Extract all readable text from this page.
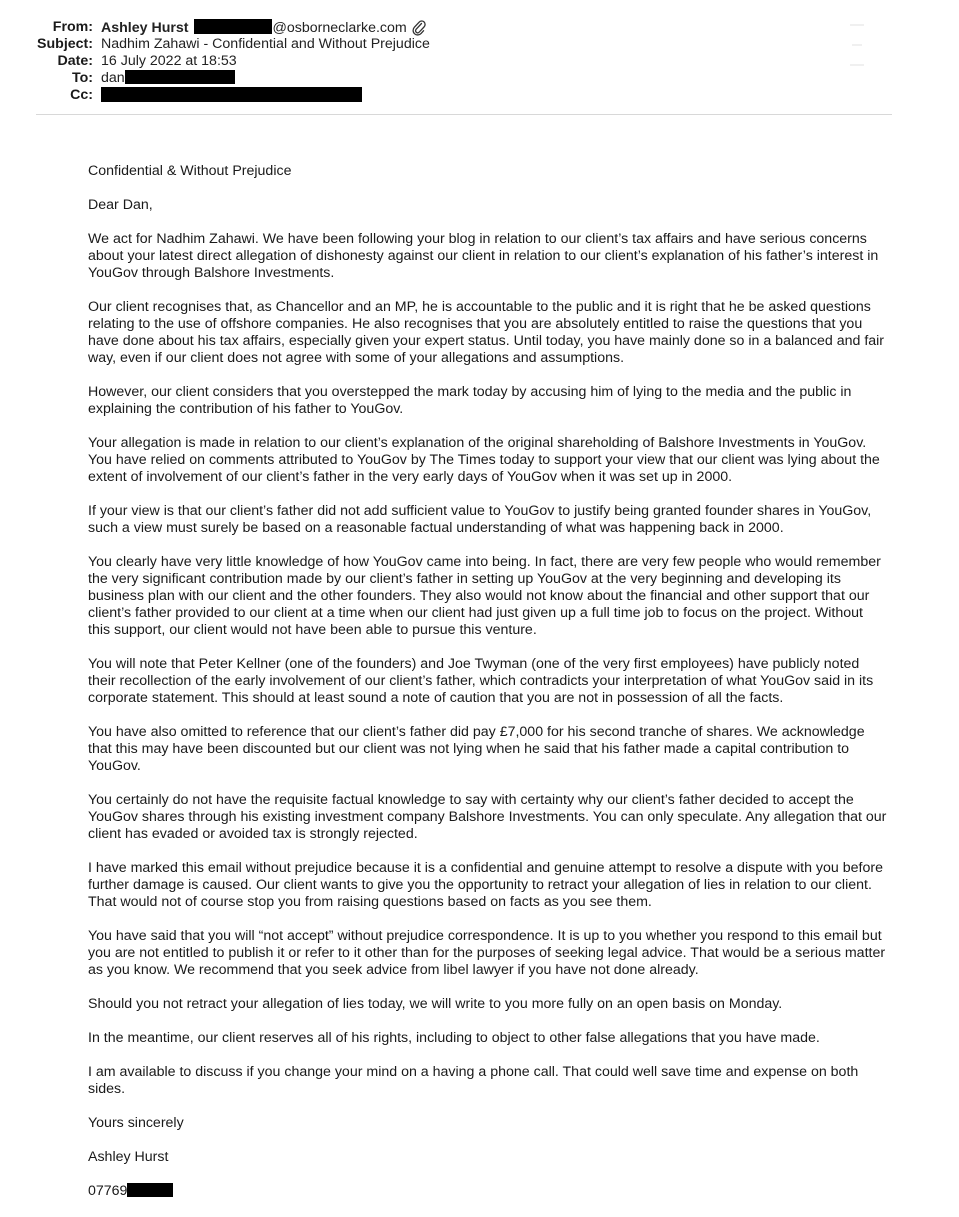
From: Ashley Hurst	@osborneclarke.com
Subject: Nadhim Zahawi - Confidential and Without Prejudice
Date: 16 July 2022 at 18:53
To: dan
Cc:

Confidential & Without Prejudice

Dear Dan,

We act for Nadhim Zahawi. We have been following your blog in relation to our client’s tax affairs and have serious concerns about your latest direct allegation of dishonesty against our client in relation to our client’s explanation of his father’s interest in YouGov through Balshore Investments.

Our client recognises that, as Chancellor and an MP, he is accountable to the public and it is right that he be asked questions relating to the use of offshore companies. He also recognises that you are absolutely entitled to raise the questions that you have done about his tax affairs, especially given your expert status. Until today, you have mainly done so in a balanced and fair way, even if our client does not agree with some of your allegations and assumptions.

However, our client considers that you overstepped the mark today by accusing him of lying to the media and the public in explaining the contribution of his father to YouGov.

Your allegation is made in relation to our client’s explanation of the original shareholding of Balshore Investments in YouGov. You have relied on comments attributed to YouGov by The Times today to support your view that our client was lying about the extent of involvement of our client’s father in the very early days of YouGov when it was set up in 2000.

If your view is that our client’s father did not add sufficient value to YouGov to justify being granted founder shares in YouGov, such a view must surely be based on a reasonable factual understanding of what was happening back in 2000.

You clearly have very little knowledge of how YouGov came into being. In fact, there are very few people who would remember the very significant contribution made by our client’s father in setting up YouGov at the very beginning and developing its business plan with our client and the other founders. They also would not know about the financial and other support that our client’s father provided to our client at a time when our client had just given up a full time job to focus on the project. Without this support, our client would not have been able to pursue this venture.

You will note that Peter Kellner (one of the founders) and Joe Twyman (one of the very first employees) have publicly noted their recollection of the early involvement of our client’s father, which contradicts your interpretation of what YouGov said in its corporate statement. This should at least sound a note of caution that you are not in possession of all the facts.

You have also omitted to reference that our client’s father did pay £7,000 for his second tranche of shares. We acknowledge that this may have been discounted but our client was not lying when he said that his father made a capital contribution to YouGov.

You certainly do not have the requisite factual knowledge to say with certainty why our client’s father decided to accept the YouGov shares through his existing investment company Balshore Investments. You can only speculate. Any allegation that our client has evaded or avoided tax is strongly rejected.

I have marked this email without prejudice because it is a confidential and genuine attempt to resolve a dispute with you before further damage is caused. Our client wants to give you the opportunity to retract your allegation of lies in relation to our client. That would not of course stop you from raising questions based on facts as you see them.

You have said that you will “not accept” without prejudice correspondence. It is up to you whether you respond to this email but you are not entitled to publish it or refer to it other than for the purposes of seeking legal advice. That would be a serious matter as you know. We recommend that you seek advice from libel lawyer if you have not done already.

Should you not retract your allegation of lies today, we will write to you more fully on an open basis on Monday.

In the meantime, our client reserves all of his rights, including to object to other false allegations that you have made.

I am available to discuss if you change your mind on a having a phone call. That could well save time and expense on both sides.

Yours sincerely

Ashley Hurst

07769
